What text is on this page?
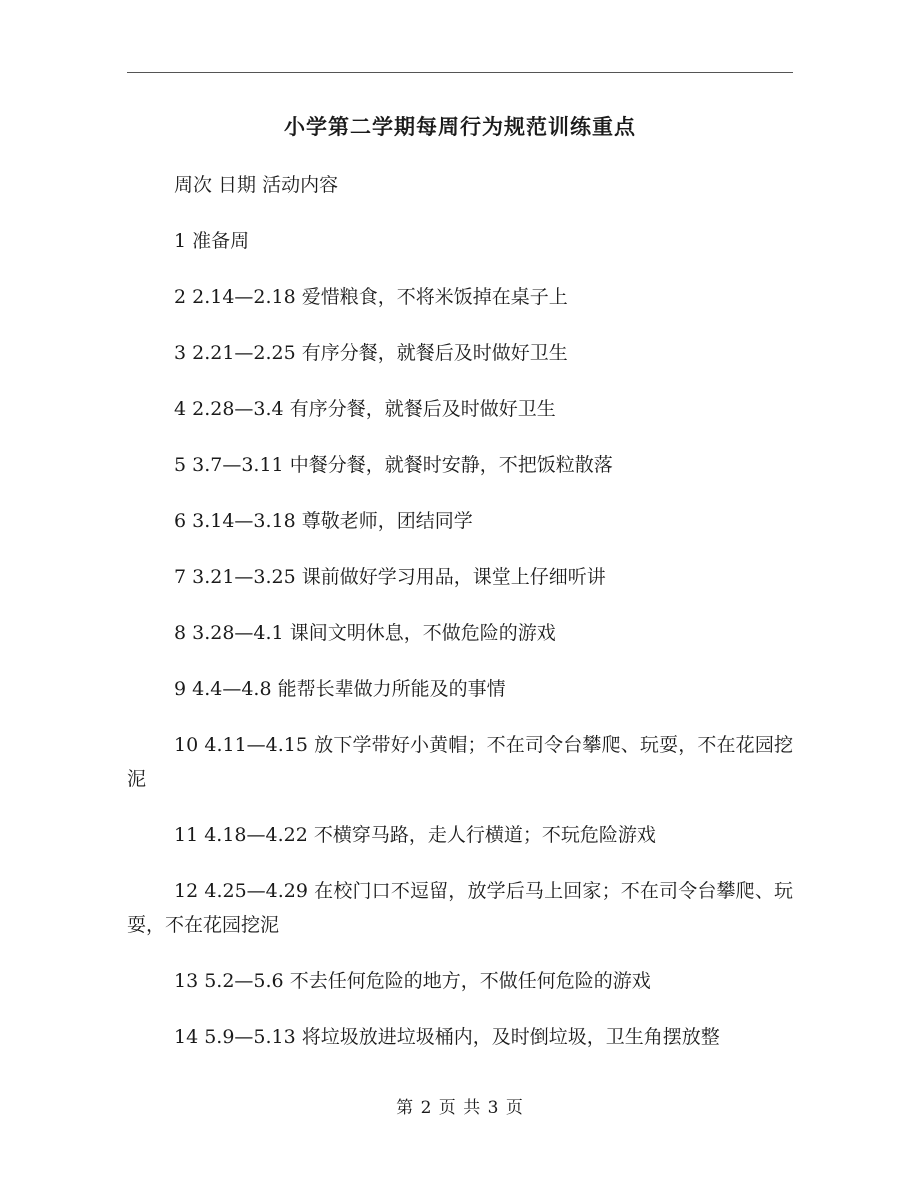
小学第二学期每周行为规范训练重点

周次 日期 活动内容

1 准备周

2 2.14—2.18 爱惜粮食，不将米饭掉在桌子上

3 2.21—2.25 有序分餐，就餐后及时做好卫生

4 2.28—3.4 有序分餐，就餐后及时做好卫生

5 3.7—3.11 中餐分餐，就餐时安静，不把饭粒散落

6 3.14—3.18 尊敬老师，团结同学

7 3.21—3.25 课前做好学习用品，课堂上仔细听讲

8 3.28—4.1 课间文明休息，不做危险的游戏

9 4.4—4.8 能帮长辈做力所能及的事情

10 4.11—4.15 放下学带好小黄帽；不在司令台攀爬、玩耍，不在花园挖泥

11 4.18—4.22 不横穿马路，走人行横道；不玩危险游戏

12 4.25—4.29 在校门口不逗留，放学后马上回家；不在司令台攀爬、玩耍，不在花园挖泥

13 5.2—5.6 不去任何危险的地方，不做任何危险的游戏

14 5.9—5.13 将垃圾放进垃圾桶内，及时倒垃圾，卫生角摆放整

第 2 页 共 3 页
